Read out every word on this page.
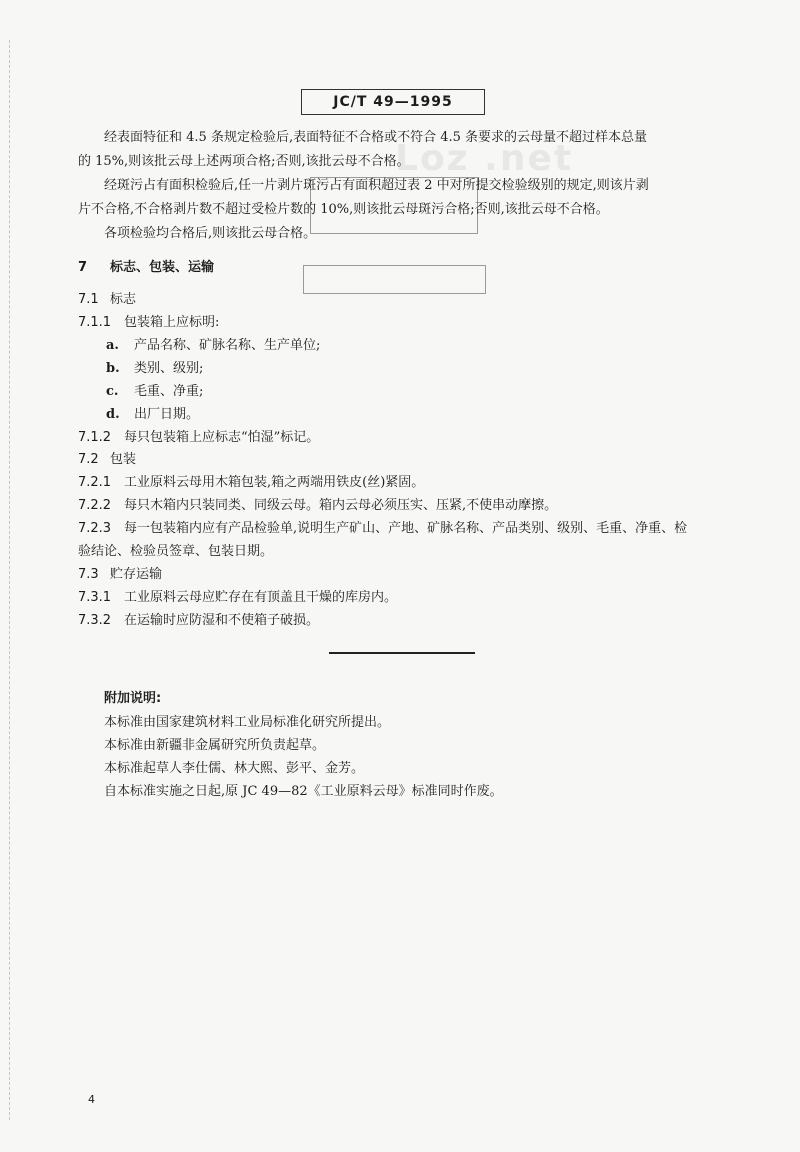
JC/T 49—1995
Loz .net
经表面特征和 4.5 条规定检验后,表面特征不合格或不符合 4.5 条要求的云母量不超过样本总量
的 15%,则该批云母上述两项合格;否则,该批云母不合格。
经斑污占有面积检验后,任一片剥片斑污占有面积超过表 2 中对所提交检验级别的规定,则该片剥
片不合格,不合格剥片数不超过受检片数的 10%,则该批云母斑污合格;否则,该批云母不合格。
各项检验均合格后,则该批云母合格。
7 标志、包装、运输
7.1 标志
7.1.1 包装箱上应标明:
a. 产品名称、矿脉名称、生产单位;
b. 类别、级别;
c. 毛重、净重;
d. 出厂日期。
7.1.2 每只包装箱上应标志“怕湿”标记。
7.2 包装
7.2.1 工业原料云母用木箱包装,箱之两端用铁皮(丝)紧固。
7.2.2 每只木箱内只装同类、同级云母。箱内云母必须压实、压紧,不使串动摩擦。
7.2.3 每一包装箱内应有产品检验单,说明生产矿山、产地、矿脉名称、产品类别、级别、毛重、净重、检
验结论、检验员签章、包装日期。
7.3 贮存运输
7.3.1 工业原料云母应贮存在有顶盖且干燥的库房内。
7.3.2 在运输时应防湿和不使箱子破损。
附加说明:
本标准由国家建筑材料工业局标准化研究所提出。
本标准由新疆非金属研究所负责起草。
本标准起草人李仕儒、林大熙、彭平、金芳。
自本标准实施之日起,原 JC 49—82《工业原料云母》标准同时作废。
4
